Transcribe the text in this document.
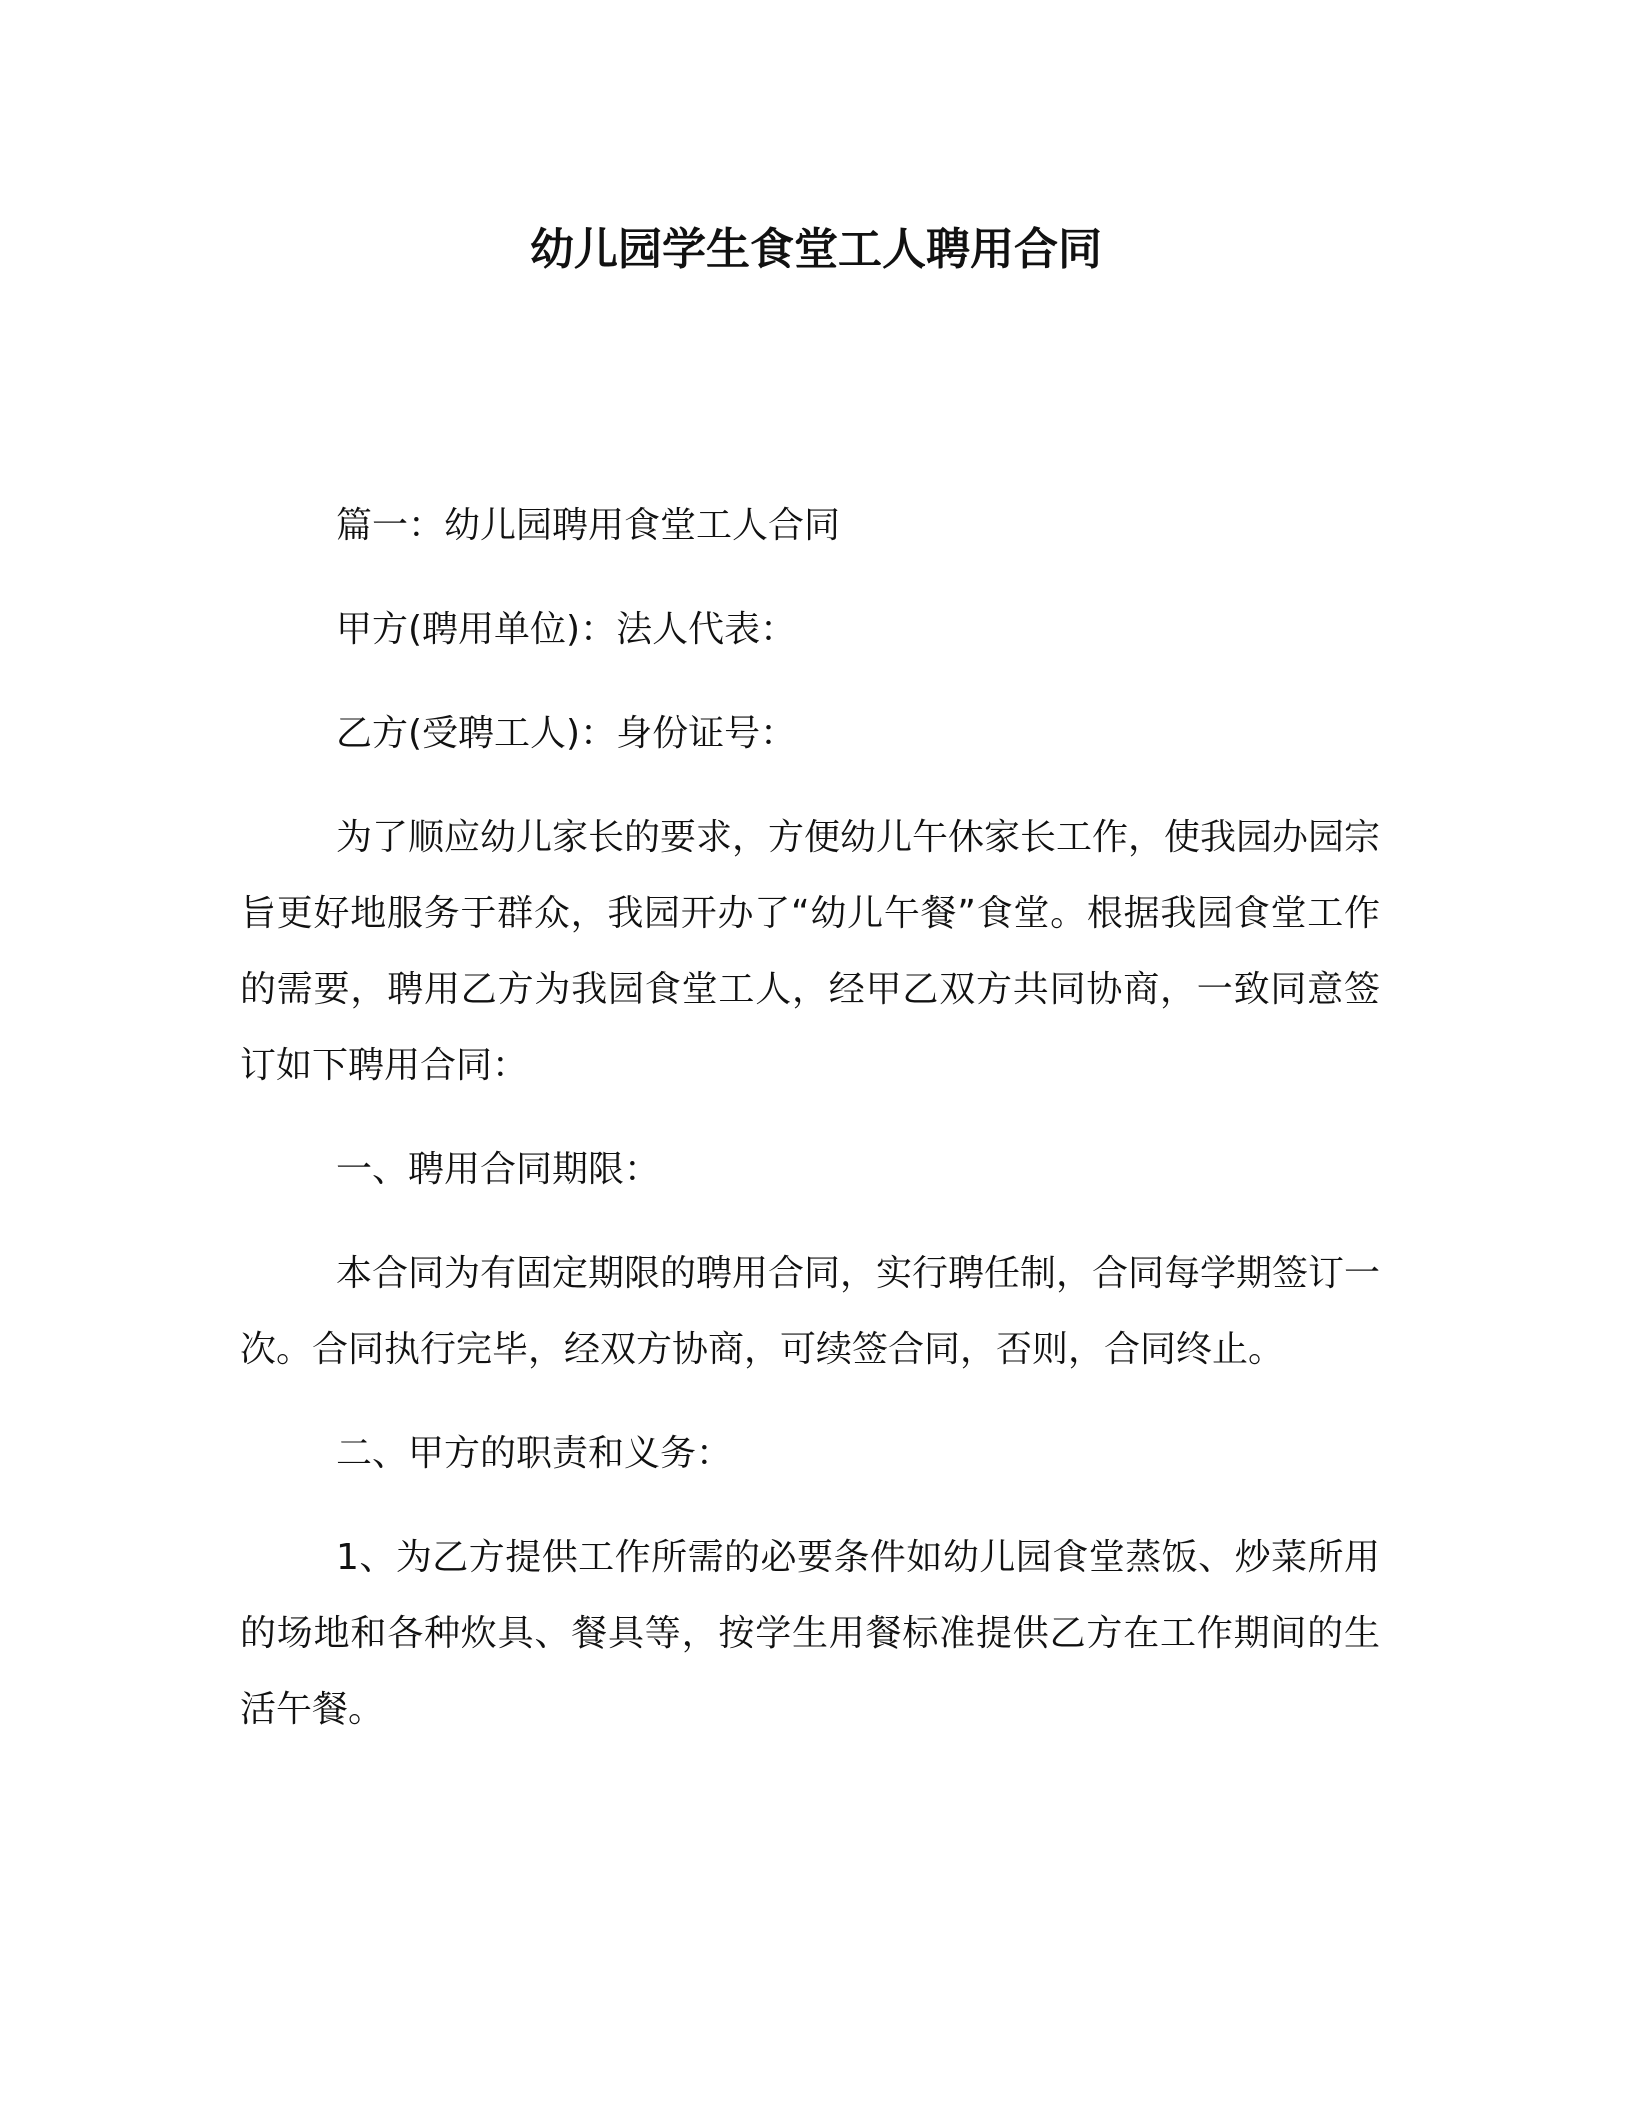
幼儿园学生食堂工人聘用合同

篇一：幼儿园聘用食堂工人合同

甲方(聘用单位)：法人代表：

乙方(受聘工人)：身份证号：

为了顺应幼儿家长的要求，方便幼儿午休家长工作，使我园办园宗旨更好地服务于群众，我园开办了“幼儿午餐”食堂。根据我园食堂工作的需要，聘用乙方为我园食堂工人，经甲乙双方共同协商，一致同意签订如下聘用合同：

一、聘用合同期限：

本合同为有固定期限的聘用合同，实行聘任制，合同每学期签订一次。合同执行完毕，经双方协商，可续签合同，否则，合同终止。

二、甲方的职责和义务：

1、为乙方提供工作所需的必要条件如幼儿园食堂蒸饭、炒菜所用的场地和各种炊具、餐具等，按学生用餐标准提供乙方在工作期间的生活午餐。
